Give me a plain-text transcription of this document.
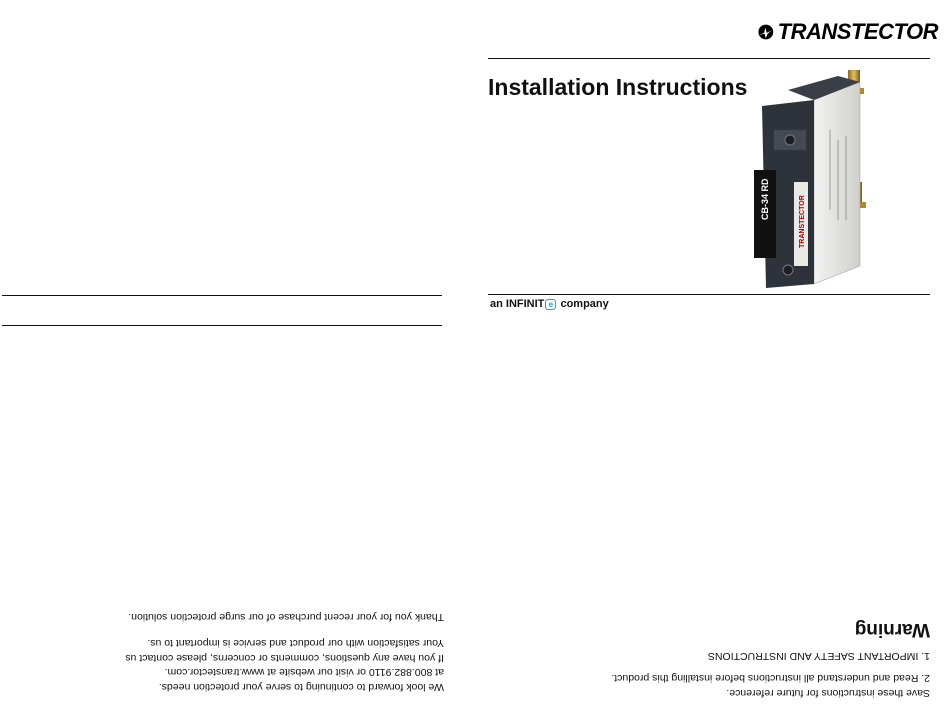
TRANSTECTOR
Installation Instructions
CB-34 RD	TRANSTECTOR
an INFINIT e company

We look forward to continuing to serve your protection needs.

at 800.882.9110 or visit our website at www.transtector.com.

If you have any questions, comments or concerns, please contact us

Your satisfaction with our product and service is important to us.

Thank you for your recent purchase of our surge protection solution.

Save these instructions for future reference.

2. Read and understand all instructions before installing this product.

1. IMPORTANT SAFETY AND INSTRUCTIONS

Warning
